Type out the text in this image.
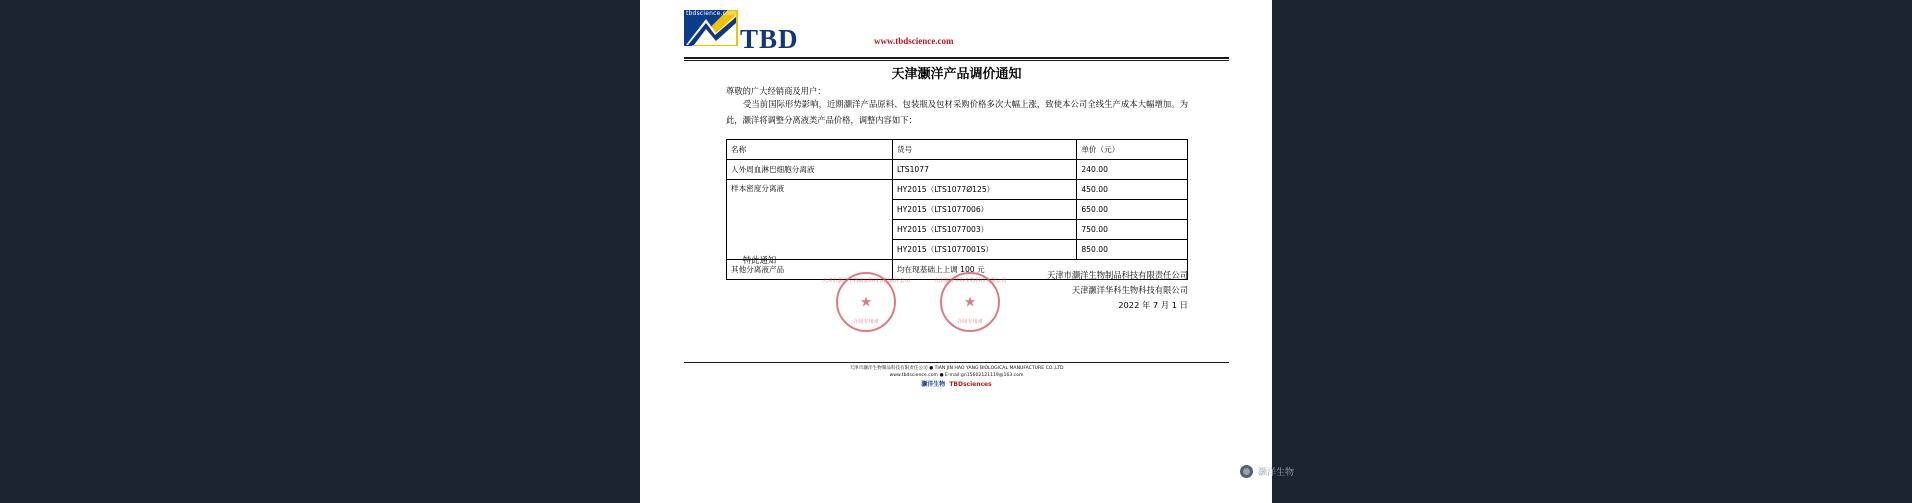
tbdscience.com
TBD	www.tbdscience.com
天津灏洋产品调价通知
尊敬的广大经销商及用户：
受当前国际形势影响，近期灏洋产品原料、包装瓶及包材采购价格多次大幅上涨，致使本公司全线生产成本大幅增加。为此，灏洋将调整分离液类产品价格，调整内容如下：
名称	货号	单价（元）
人外周血淋巴细胞分离液	LTS1077	240.00
样本密度分离液	HY2015（LTS1077Ø125）	450.00
	HY2015（LTS1077006）	650.00
	HY2015（LTS1077003）	750.00
	HY2015（LTS1077001S）	850.00
其他分离液产品	均在现基础上上调 100 元	
特此通知
天津市灏洋生物制品科技有限责任公司
天津灏洋华科生物科技有限公司
2022 年 7 月 1 日
天津市灏洋生物制品科技有限责任公司
★
合同专用章
天津灏洋华科生物科技有限公司
★
合同专用章
天津市灏洋生物制品科技有限责任公司 ● TIAN JIN HAO YANG BIOLOGICAL MANUFACTURE CO.,LTD
www.tbdscience.com ● E-mail:gn15602121119@163.com
灏洋生物 TBDsciences
灏洋生物
